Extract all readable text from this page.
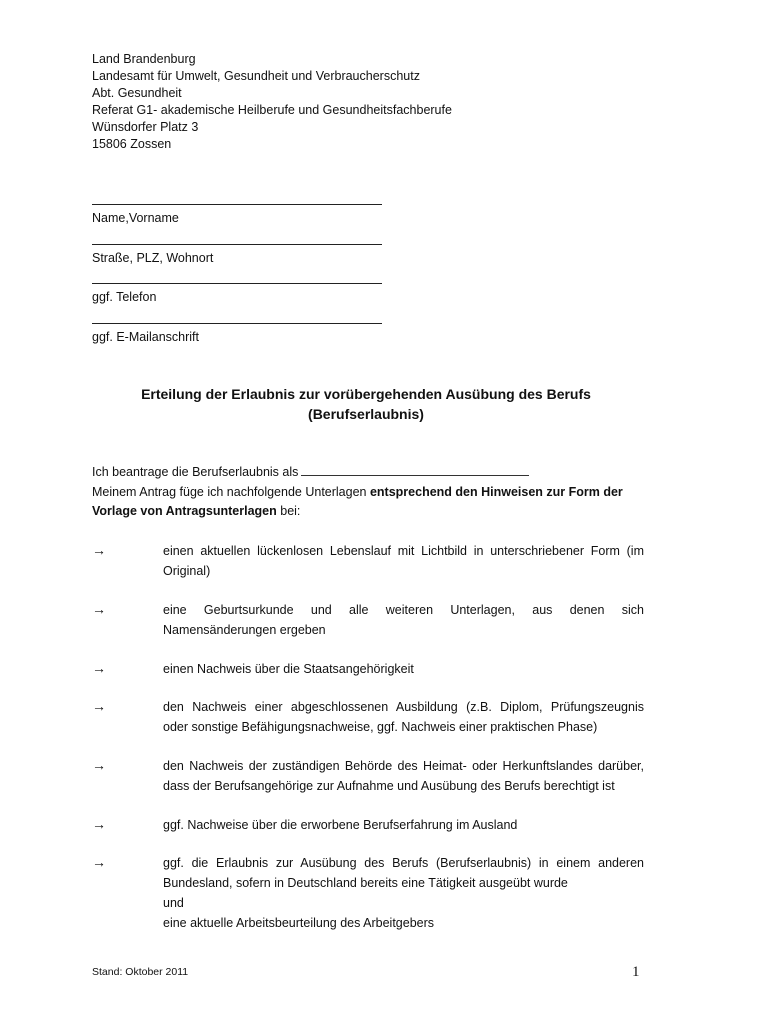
Land Brandenburg
Landesamt für Umwelt, Gesundheit und Verbraucherschutz
Abt. Gesundheit
Referat G1- akademische Heilberufe und Gesundheitsfachberufe
Wünsdorfer Platz 3
15806 Zossen
Name,Vorname
Straße, PLZ, Wohnort
ggf. Telefon
ggf. E-Mailanschrift
Erteilung der Erlaubnis zur vorübergehenden Ausübung des Berufs
(Berufserlaubnis)
Ich beantrage die Berufserlaubnis als
Meinem Antrag füge ich nachfolgende Unterlagen entsprechend den Hinweisen zur Form der
Vorlage von Antragsunterlagen bei:
→	einen aktuellen lückenlosen Lebenslauf mit Lichtbild in unterschriebener Form (im
Original)
→	eine Geburtsurkunde und alle weiteren Unterlagen, aus denen sich
Namensänderungen ergeben
→	einen Nachweis über die Staatsangehörigkeit
→	den Nachweis einer abgeschlossenen Ausbildung (z.B. Diplom, Prüfungszeugnis
oder sonstige Befähigungsnachweise, ggf. Nachweis einer praktischen Phase)
→	den Nachweis der zuständigen Behörde des Heimat- oder Herkunftslandes darüber,
dass der Berufsangehörige zur Aufnahme und Ausübung des Berufs berechtigt ist
→	ggf. Nachweise über die erworbene Berufserfahrung im Ausland
→	ggf. die Erlaubnis zur Ausübung des Berufs (Berufserlaubnis) in einem anderen
Bundesland, sofern in Deutschland bereits eine Tätigkeit ausgeübt wurde
und
eine aktuelle Arbeitsbeurteilung des Arbeitgebers
Stand: Oktober 2011	1
